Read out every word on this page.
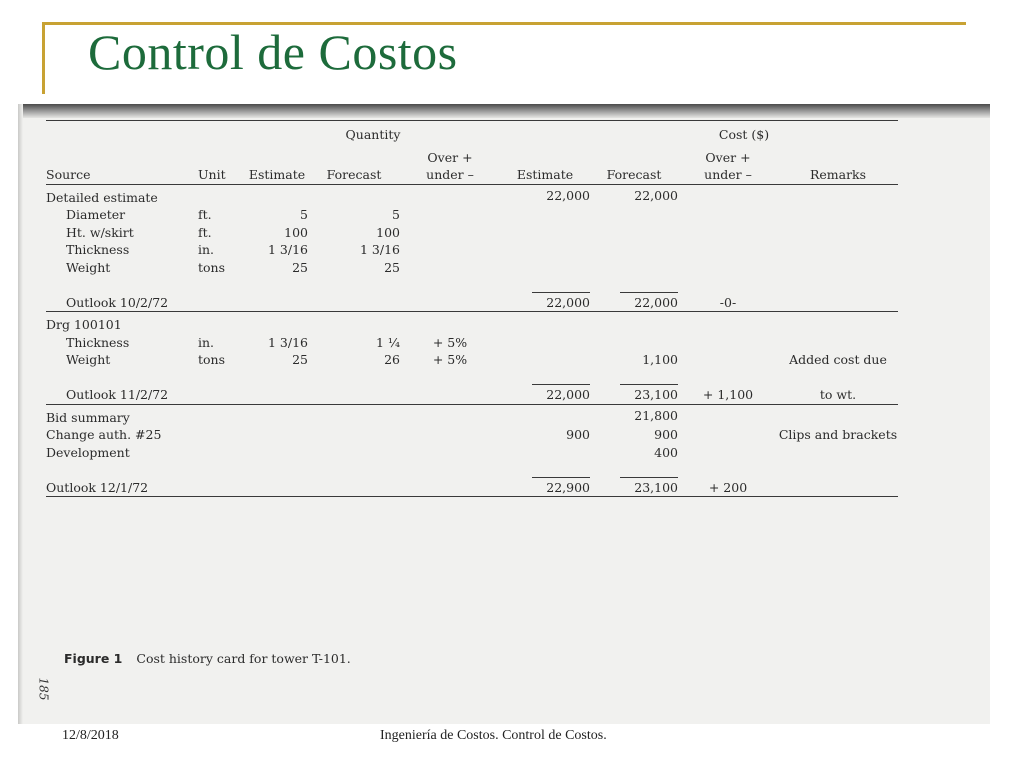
Control de Costos
185
Figure 1 Cost history card for tower T-101.
		Quantity				Cost ($)			
				Over +			Over +		
Source	Unit	Estimate	Forecast	under –	Estimate	Forecast	under –	Remarks	
Detailed estimate					22,000	22,000			
Diameter	ft.	5	5						
Ht. w/skirt	ft.	100	100						
Thickness	in.	1 3/16	1 3/16						
Weight	tons	25	25						

Outlook 10/2/72					22,000	22,000	-0-		
Drg 100101									
Thickness	in.	1 3/16	1 ¼	+ 5%					
Weight	tons	25	26	+ 5%		1,100		Added cost due	

Outlook 11/2/72					22,000	23,100	+ 1,100	to wt.	
Bid summary						21,800			
Change auth. #25					900	900		Clips and brackets	
Development						400			

Outlook 12/1/72					22,900	23,100	+ 200		
12/8/2018	Ingeniería de Costos. Control de Costos.
